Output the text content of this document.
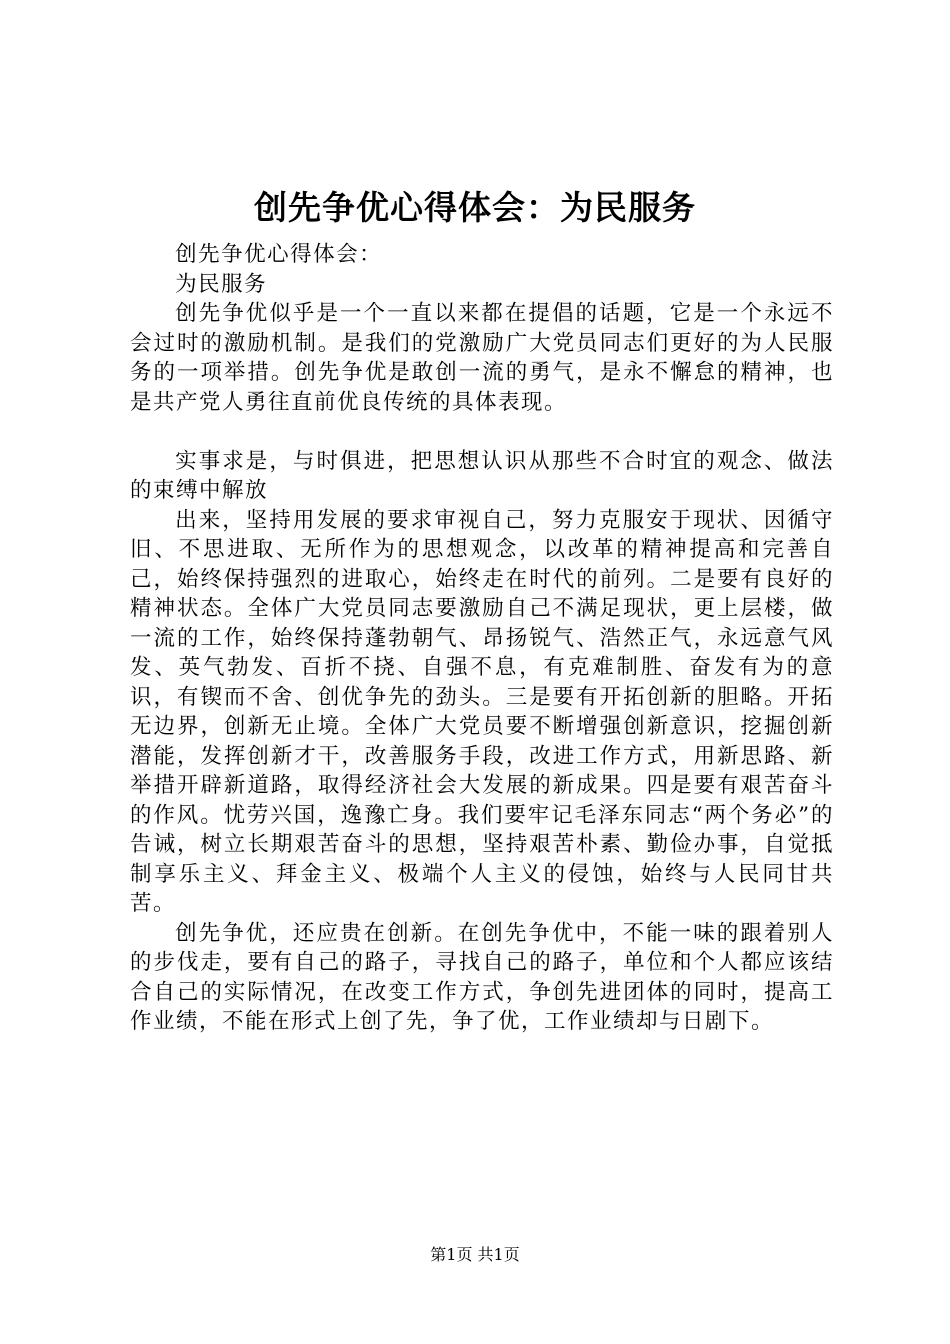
创先争优心得体会：为民服务

创先争优心得体会：

为民服务

创先争优似乎是一个一直以来都在提倡的话题，它是一个永远不会过时的激励机制。是我们的党激励广大党员同志们更好的为人民服务的一项举措。创先争优是敢创一流的勇气，是永不懈怠的精神，也是共产党人勇往直前优良传统的具体表现。

实事求是，与时俱进，把思想认识从那些不合时宜的观念、做法的束缚中解放

出来，坚持用发展的要求审视自己，努力克服安于现状、因循守旧、不思进取、无所作为的思想观念，以改革的精神提高和完善自己，始终保持强烈的进取心，始终走在时代的前列。二是要有良好的精神状态。全体广大党员同志要激励自己不满足现状，更上层楼，做一流的工作，始终保持蓬勃朝气、昂扬锐气、浩然正气，永远意气风发、英气勃发、百折不挠、自强不息，有克难制胜、奋发有为的意识，有锲而不舍、创优争先的劲头。三是要有开拓创新的胆略。开拓无边界，创新无止境。全体广大党员要不断增强创新意识，挖掘创新潜能，发挥创新才干，改善服务手段，改进工作方式，用新思路、新举措开辟新道路，取得经济社会大发展的新成果。四是要有艰苦奋斗的作风。忧劳兴国，逸豫亡身。我们要牢记毛泽东同志“两个务必”的告诫，树立长期艰苦奋斗的思想，坚持艰苦朴素、勤俭办事，自觉抵制享乐主义、拜金主义、极端个人主义的侵蚀，始终与人民同甘共苦。

创先争优，还应贵在创新。在创先争优中，不能一味的跟着别人的步伐走，要有自己的路子，寻找自己的路子，单位和个人都应该结合自己的实际情况，在改变工作方式，争创先进团体的同时，提高工作业绩，不能在形式上创了先，争了优，工作业绩却与日剧下。

第1页 共1页
